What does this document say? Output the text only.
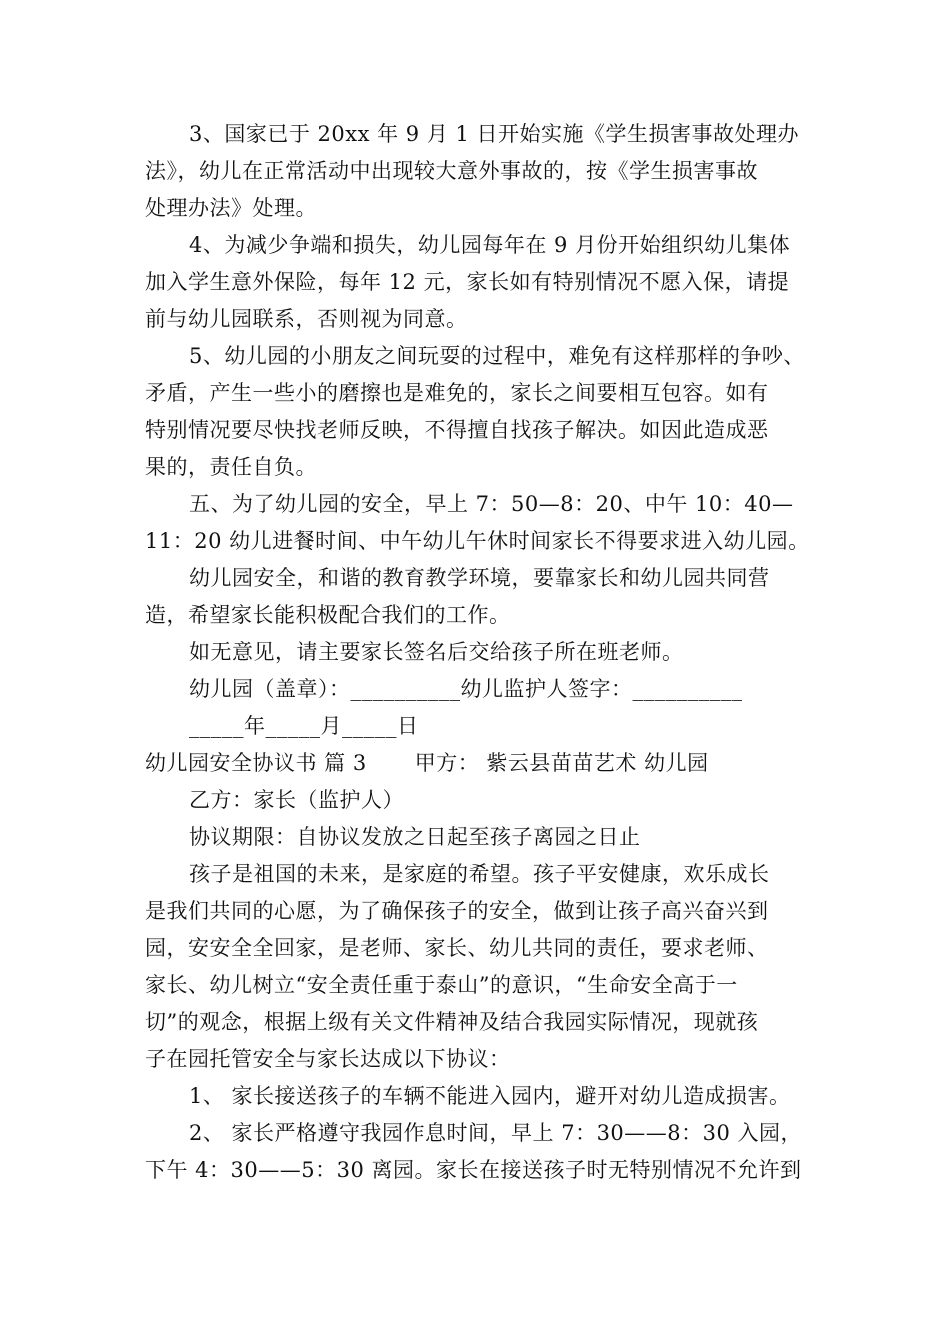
3、国家已于 20xx 年 9 月 1 日开始实施《学生损害事故处理办
法》，幼儿在正常活动中出现较大意外事故的，按《学生损害事故
处理办法》处理。
4、为减少争端和损失，幼儿园每年在 9 月份开始组织幼儿集体
加入学生意外保险，每年 12 元，家长如有特别情况不愿入保，请提
前与幼儿园联系，否则视为同意。
5、幼儿园的小朋友之间玩耍的过程中，难免有这样那样的争吵、
矛盾，产生一些小的磨擦也是难免的，家长之间要相互包容。如有
特别情况要尽快找老师反映，不得擅自找孩子解决。如因此造成恶
果的，责任自负。
五、为了幼儿园的安全，早上 7：50—8：20、中午 10：40—
11：20 幼儿进餐时间、中午幼儿午休时间家长不得要求进入幼儿园。
幼儿园安全，和谐的教育教学环境，要靠家长和幼儿园共同营
造，希望家长能积极配合我们的工作。
如无意见，请主要家长签名后交给孩子所在班老师。
幼儿园（盖章）：__________幼儿监护人签字：__________
_____年_____月_____日
幼儿园安全协议书 篇 3 甲方： 紫云县苗苗艺术 幼儿园
乙方：家长（监护人）
协议期限：自协议发放之日起至孩子离园之日止
孩子是祖国的未来，是家庭的希望。孩子平安健康，欢乐成长
是我们共同的心愿，为了确保孩子的安全，做到让孩子高兴奋兴到
园，安安全全回家，是老师、家长、幼儿共同的责任，要求老师、
家长、幼儿树立“安全责任重于泰山”的意识，“生命安全高于一
切”的观念，根据上级有关文件精神及结合我园实际情况，现就孩
子在园托管安全与家长达成以下协议：
1、 家长接送孩子的车辆不能进入园内，避开对幼儿造成损害。
2、 家长严格遵守我园作息时间，早上 7：30——8：30 入园，
下午 4：30——5：30 离园。家长在接送孩子时无特别情况不允许到
